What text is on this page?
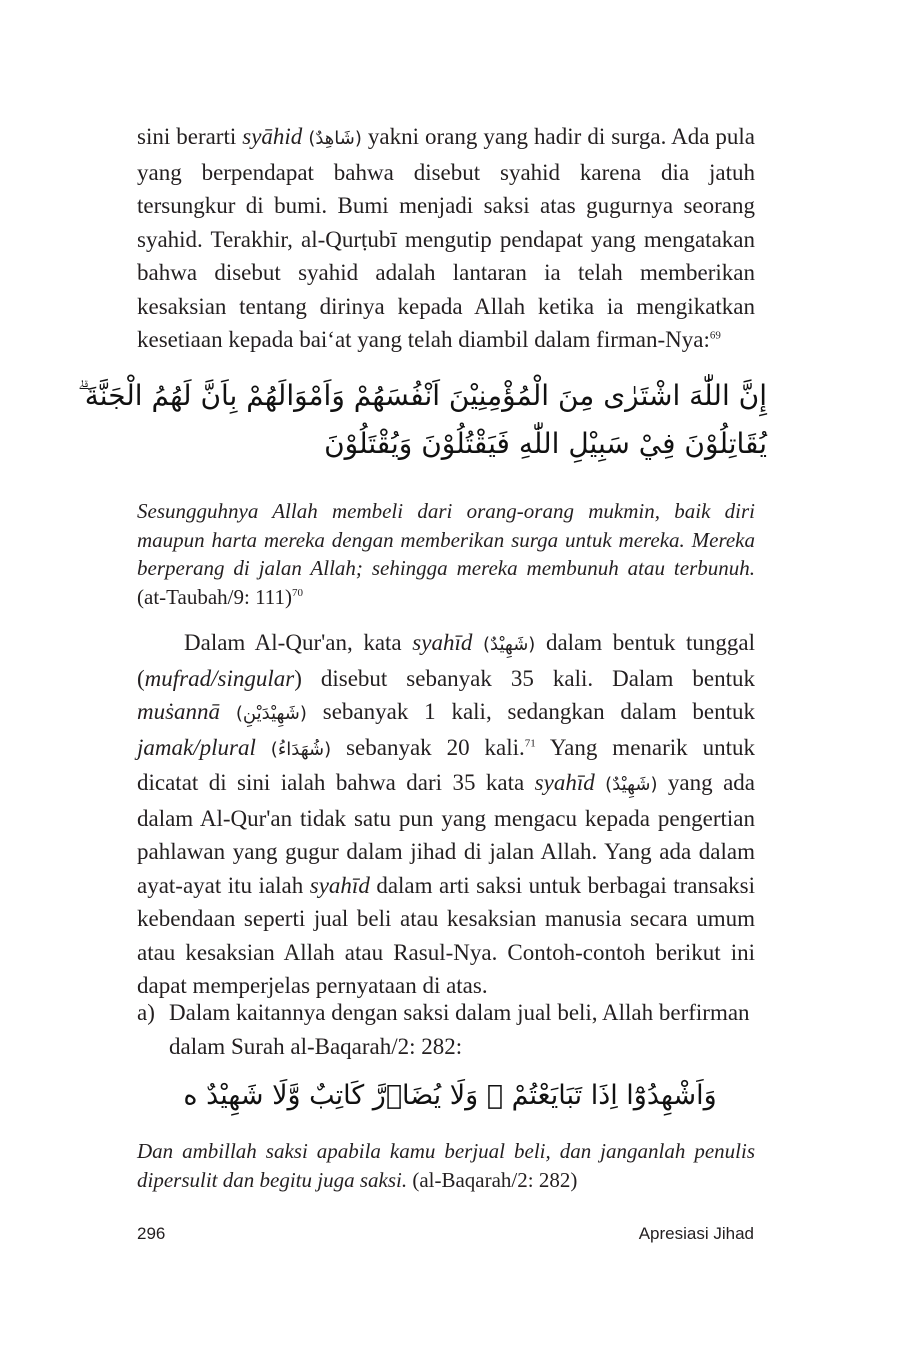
sini berarti syāhid (شَاهِدٌ) yakni orang yang hadir di surga. Ada pula yang berpendapat bahwa disebut syahid karena dia jatuh tersungkur di bumi. Bumi menjadi saksi atas gugurnya seorang syahid. Terakhir, al-Qurṭubī mengutip pendapat yang mengatakan bahwa disebut syahid adalah lantaran ia telah memberikan kesaksian tentang dirinya kepada Allah ketika ia mengikatkan kesetiaan kepada bai‘at yang telah diambil dalam firman-Nya:$^{69}$

إِنَّ اللّٰهَ اشْتَرٰى مِنَ الْمُؤْمِنِيْنَ اَنْفُسَهُمْ وَاَمْوَالَهُمْ بِاَنَّ لَهُمُ الْجَنَّةَ ۗ
يُقَاتِلُوْنَ فِيْ سَبِيْلِ اللّٰهِ فَيَقْتُلُوْنَ وَيُقْتَلُوْنَ
Sesungguhnya Allah membeli dari orang-orang mukmin, baik diri maupun harta mereka dengan memberikan surga untuk mereka. Mereka berperang di jalan Allah; sehingga mereka membunuh atau terbunuh. (at-Taubah/9: 111)$^{70}$

Dalam Al-Qur'an, kata syahīd (شَهِيْدٌ) dalam bentuk tunggal (mufrad/singular) disebut sebanyak 35 kali. Dalam bentuk muṡannā (شَهِيْدَيْنِ) sebanyak 1 kali, sedangkan dalam bentuk jamak/plural (شُهَدَاءُ) sebanyak 20 kali.$^{71}$ Yang menarik untuk dicatat di sini ialah bahwa dari 35 kata syahīd (شَهِيْدٌ) yang ada dalam Al-Qur'an tidak satu pun yang mengacu kepada pengertian pahlawan yang gugur dalam jihad di jalan Allah. Yang ada dalam ayat-ayat itu ialah syahīd dalam arti saksi untuk berbagai transaksi kebendaan seperti jual beli atau kesaksian manusia secara umum atau kesaksian Allah atau Rasul-Nya. Contoh-contoh berikut ini dapat memperjelas pernyataan di atas.

a) Dalam kaitannya dengan saksi dalam jual beli, Allah berfirman dalam Surah al-Baqarah/2: 282:
وَاَشْهِدُوْٓا اِذَا تَبَايَعْتُمْ ۖ وَلَا يُضَاۤرَّ كَاتِبٌ وَّلَا شَهِيْدٌ ە
Dan ambillah saksi apabila kamu berjual beli, dan janganlah penulis dipersulit dan begitu juga saksi. (al-Baqarah/2: 282)
296	Apresiasi Jihad
